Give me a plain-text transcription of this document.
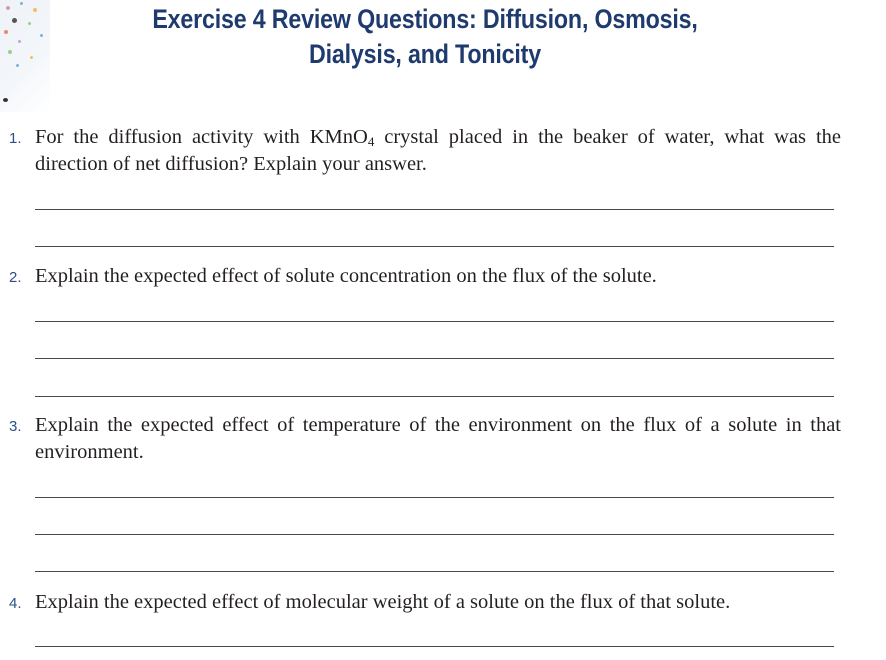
Exercise 4 Review Questions: Diffusion, Osmosis,
Dialysis, and Tonicity
1. For the diffusion activity with KMnO$_4$ crystal placed in the beaker of water, what was the direction of net diffusion? Explain your answer.
2. Explain the expected effect of solute concentration on the flux of the solute.
3. Explain the expected effect of temperature of the environment on the flux of a solute in that environment.
4. Explain the expected effect of molecular weight of a solute on the flux of that solute.
